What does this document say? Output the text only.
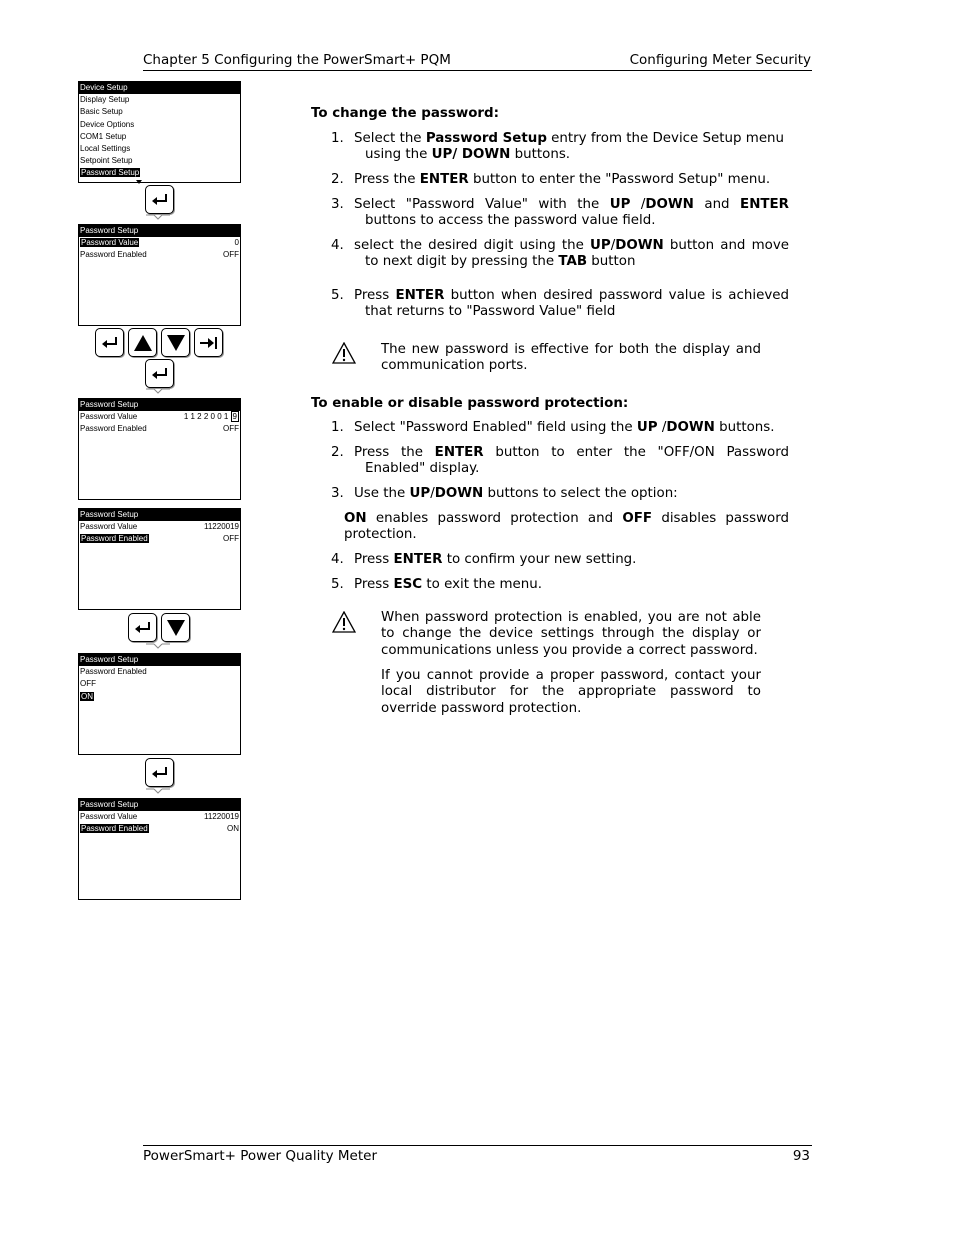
Chapter 5 Configuring the PowerSmart+ PQM	Configuring Meter Security
Device Setup
Display Setup
Basic Setup
Device Options
COM1 Setup
Local Settings
Setpoint Setup
Password Setup
Password Setup
Password Value	0
Password Enabled	OFF
Password Setup
Password Value	1 1 2 2 0 0 1 9
Password Enabled	OFF
Password Setup
Password Value	11220019
Password Enabled	OFF
Password Setup
Password Enabled
OFF
ON
Password Setup
Password Value	11220019
Password Enabled	ON
To change the password:
1. Select the Password Setup entry from the Device Setup menu
using the UP/ DOWN buttons.
2. Press the ENTER button to enter the "Password Setup" menu.
3. Select "Password Value" with the UP /DOWN and ENTER
buttons to access the password value field.
4. select the desired digit using the UP/DOWN button and move
to next digit by pressing the TAB button
5. Press ENTER button when desired password value is achieved
that returns to "Password Value" field
The new password is effective for both the display and communication ports.
To enable or disable password protection:
1. Select "Password Enabled" field using the UP /DOWN buttons.
2. Press the ENTER button to enter the "OFF/ON Password
Enabled" display.
3. Use the UP/DOWN buttons to select the option:
ON enables password protection and OFF disables password
protection.
4. Press ENTER to confirm your new setting.
5. Press ESC to exit the menu.
When password protection is enabled, you are not able to change the device settings through the display or communications unless you provide a correct password.
If you cannot provide a proper password, contact your local distributor for the appropriate password to override password protection.
PowerSmart+ Power Quality Meter	93
